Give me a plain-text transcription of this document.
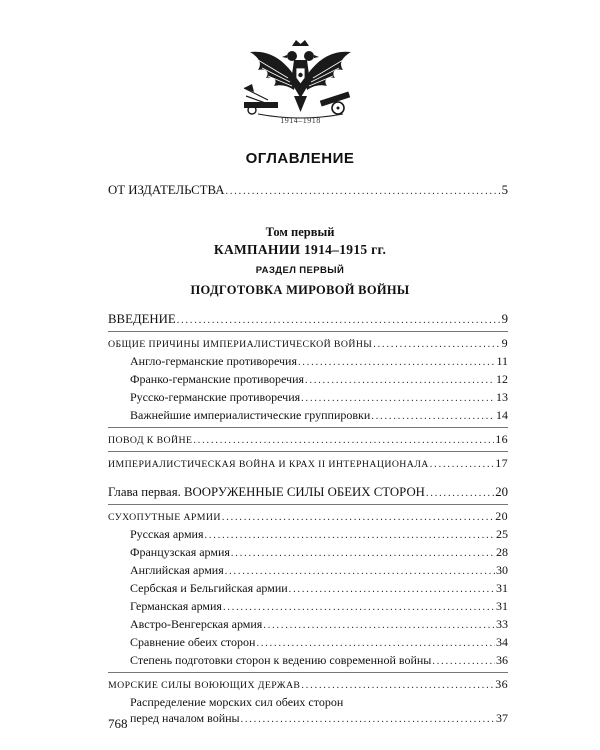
1914–1918
ОГЛАВЛЕНИЕ
ОТ ИЗДАТЕЛЬСТВА . . .	5
Том первый
КАМПАНИИ 1914–1915 гг.
РАЗДЕЛ ПЕРВЫЙ
ПОДГОТОВКА МИРОВОЙ ВОЙНЫ
ВВЕДЕНИЕ . . .	9
ОБЩИЕ ПРИЧИНЫ ИМПЕРИАЛИСТИЧЕСКОЙ ВОЙНЫ . . .	9
Англо-германские противоречия . . .	11
Франко-германские противоречия . . .	12
Русско-германские противоречия . . .	13
Важнейшие империалистические группировки . . .	14
ПОВОД К ВОЙНЕ . . .	16
ИМПЕРИАЛИСТИЧЕСКАЯ ВОЙНА И КРАХ II ИНТЕРНАЦИОНАЛА . . .	17
Глава первая. ВООРУЖЕННЫЕ СИЛЫ ОБЕИХ СТОРОН . . .	20
СУХОПУТНЫЕ АРМИИ . . .	20
Русская армия . . .	25
Французская армия . . .	28
Английская армия . . .	30
Сербская и Бельгийская армии . . .	31
Германская армия . . .	31
Австро-Венгерская армия . . .	33
Сравнение обеих сторон . . .	34
Степень подготовки сторон к ведению современной войны . . .	36
МОРСКИЕ СИЛЫ ВОЮЮЩИХ ДЕРЖАВ . . .	36
Распределение морских сил обеих сторон
перед началом войны . . .	37
768
